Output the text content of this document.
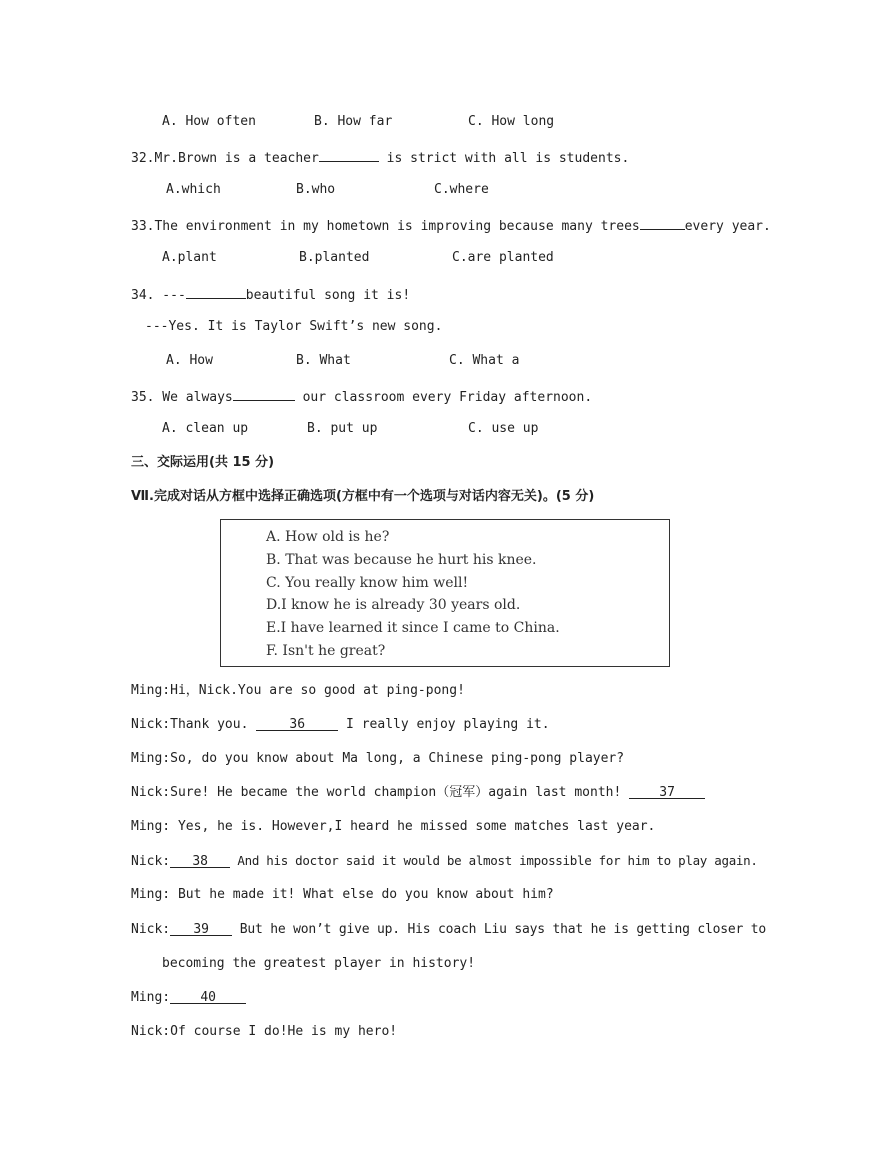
A. How often	B. How far	C. How long
32.Mr.Brown is a teacher	is strict with all is students.
A.which	B.who	C.where
33.The environment in my hometown is improving because many trees	every year.
A.plant	B.planted	C.are planted
34. ---	beautiful song it is!
---Yes. It is Taylor Swift’s new song.
A. How	B. What	C. What a
35. We always	our classroom every Friday afternoon.
A. clean up	B. put up	C. use up
三、交际运用(共 15 分)
Ⅶ.完成对话从方框中选择正确选项(方框中有一个选项与对话内容无关)。(5 分)
A. How old is he?
B. That was because he hurt his knee.
C. You really know him well!
D.I know he is already 30 years old.
E.I have learned it since I came to China.
F. Isn't he great?
Ming:Hi，Nick.You are so good at ping-pong!
Nick:Thank you.	36	I really enjoy playing it.
Ming:So, do you know about Ma long, a Chinese ping-pong player?
Nick:Sure! He became the world champion（冠军）again last month! 37
Ming: Yes, he is. However,I heard he missed some matches last year.
Nick: 38 And his doctor said it would be almost impossible for him to play again.
Ming: But he made it! What else do you know about him?
Nick: 39 But he won’t give up. His coach Liu says that he is getting closer to
becoming the greatest player in history!
Ming: 40
Nick:Of course I do!He is my hero!
